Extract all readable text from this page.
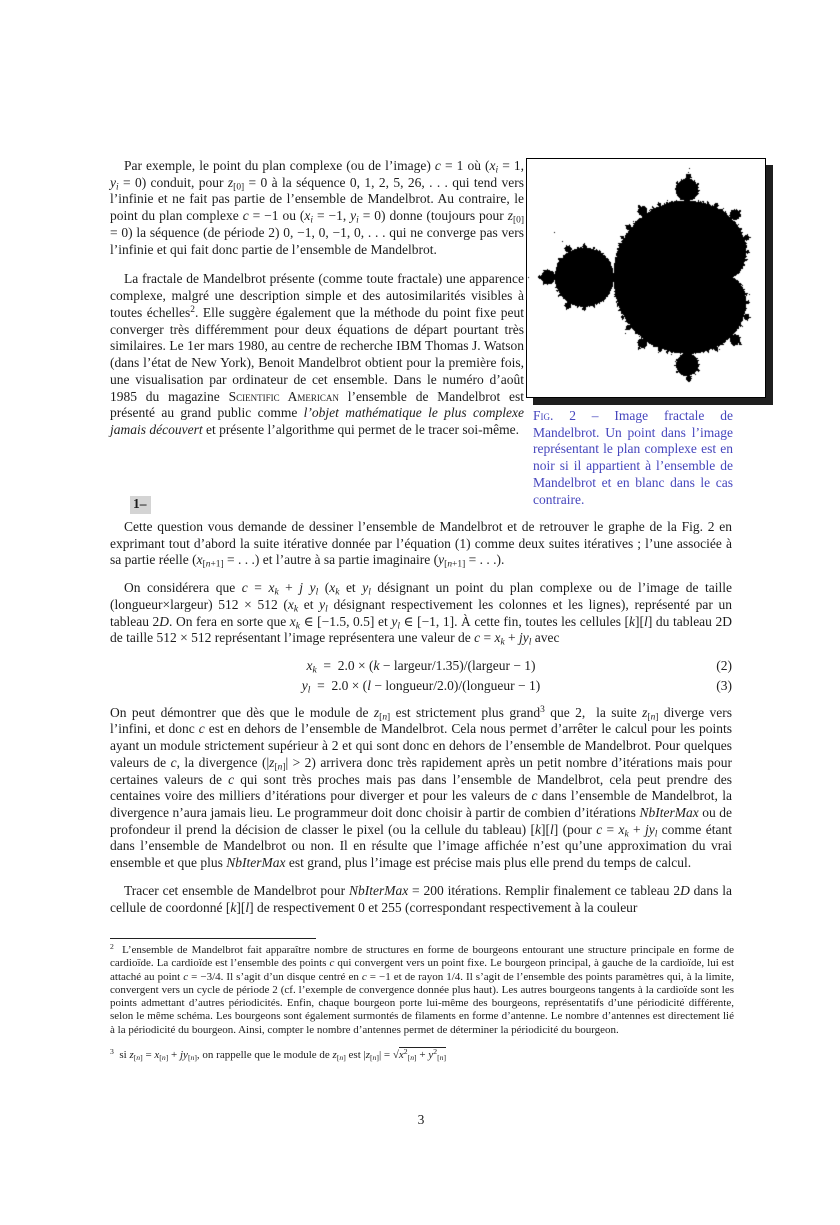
Par exemple, le point du plan complexe (ou de l’image) c = 1 où ($x_i = 1$, $y_i = 0$) conduit, pour $z_{[0]} = 0$ à la séquence 0, 1, 2, 5, 26, . . . qui tend vers l’infinie et ne fait pas partie de l’ensemble de Mandelbrot. Au contraire, le point du plan complexe c = −1 ou ($x_i = -1$, $y_i = 0$) donne (toujours pour $z_{[0]} = 0$) la séquence (de période 2) 0, −1, 0, −1, 0, . . . qui ne converge pas vers l’infinie et qui fait donc partie de l’ensemble de Mandelbrot.

La fractale de Mandelbrot présente (comme toute fractale) une apparence complexe, malgré une description simple et des autosimilarités visibles à toutes échelles$^2$. Elle suggère également que la méthode du point fixe peut converger très différemment pour deux équations de départ pourtant très similaires. Le 1er mars 1980, au centre de recherche IBM Thomas J. Watson (dans l’état de New York), Benoit Mandelbrot obtient pour la première fois, une visualisation par ordinateur de cet ensemble. Dans le numéro d’août 1985 du magazine Scientific American l’ensemble de Mandelbrot est présenté au grand public comme l’objet mathématique le plus complexe jamais découvert et présente l’algorithme qui permet de le tracer soi-même.

Fig. 2 – Image fractale de Mandelbrot. Un point dans l’image représentant le plan complexe est en noir si il appartient à l’ensemble de Mandelbrot et en blanc dans le cas contraire.
1–

Cette question vous demande de dessiner l’ensemble de Mandelbrot et de retrouver le graphe de la Fig. 2 en exprimant tout d’abord la suite itérative donnée par l’équation (1) comme deux suites itératives ; l’une associée à sa partie réelle ($x_{[n+1]}$ = . . .) et l’autre à sa partie imaginaire ($y_{[n+1]}$ = . . .).

On considérera que $c = x_k + j$ $y_l$ ($x_k$ et $y_l$ désignant un point du plan complexe ou de l’image de taille (longueur×largeur) 512 × 512 ($x_k$ et $y_l$ désignant respectivement les colonnes et les lignes), représenté par un tableau 2D. On fera en sorte que $x_k$ ∈ [−1.5, 0.5] et $y_l$ ∈ [−1, 1]. À cette fin, toutes les cellules [k][l] du tableau 2D de taille 512 × 512 représentant l’image représentera une valeur de $c = x_k + jy_l$ avec

$x_k = 2.0 \times (k$ − largeur/1.35)/(largeur − 1)	(2)
$y_l = 2.0 \times (l$ − longueur/2.0)/(longueur − 1)	(3)

On peut démontrer que dès que le module de $z_{[n]}$ est strictement plus grand$^3$ que 2,  la suite $z_{[n]}$ diverge vers l’infini, et donc c est en dehors de l’ensemble de Mandelbrot. Cela nous permet d’arrêter le calcul pour les points ayant un module strictement supérieur à 2 et qui sont donc en dehors de l’ensemble de Mandelbrot. Pour quelques valeurs de c, la divergence $(|z_{[n]}| > 2)$ arrivera donc très rapidement après un petit nombre d’itérations mais pour certaines valeurs de c qui sont très proches mais pas dans l’ensemble de Mandelbrot, cela peut prendre des centaines voire des milliers d’itérations pour diverger et pour les valeurs de c dans l’ensemble de Mandelbrot, la divergence n’aura jamais lieu. Le programmeur doit donc choisir à partir de combien d’itérations NbIterMax ou de profondeur il prend la décision de classer le pixel (ou la cellule du tableau) [k][l] (pour $c = x_k + jy_l$ comme étant dans l’ensemble de Mandelbrot ou non. Il en résulte que l’image affichée n’est qu’une approximation du vrai ensemble et que plus NbIterMax est grand, plus l’image est précise mais plus elle prend du temps de calcul.

Tracer cet ensemble de Mandelbrot pour NbIterMax = 200 itérations. Remplir finalement ce tableau 2D dans la cellule de coordonné [k][l] de respectivement 0 et 255 (correspondant respectivement à la couleur

$^2$  L’ensemble de Mandelbrot fait apparaître nombre de structures en forme de bourgeons entourant une structure principale en forme de cardioïde. La cardioïde est l’ensemble des points c qui convergent vers un point fixe. Le bourgeon principal, à gauche de la cardioïde, lui est attaché au point c = −3/4. Il s’agit d’un disque centré en c = −1 et de rayon 1/4. Il s’agit de l’ensemble des points paramètres qui, à la limite, convergent vers un cycle de période 2 (cf. l’exemple de convergence donnée plus haut). Les autres bourgeons tangents à la cardioïde sont les points admettant d’autres périodicités. Enfin, chaque bourgeon porte lui-même des bourgeons, représentatifs d’une périodicité différente, selon le même schéma. Les bourgeons sont également surmontés de filaments en forme d’antenne. Le nombre d’antennes est directement lié à la périodicité du bourgeon. Ainsi, compter le nombre d’antennes permet de déterminer la périodicité du bourgeon.

$^3$  si $z_{[n]} = x_{[n]} + jy_{[n]}$, on rappelle que le module de $z_{[n]}$ est $|z_{[n]}| = √x^2_{[n]} + y^2_{[n]}$

3
